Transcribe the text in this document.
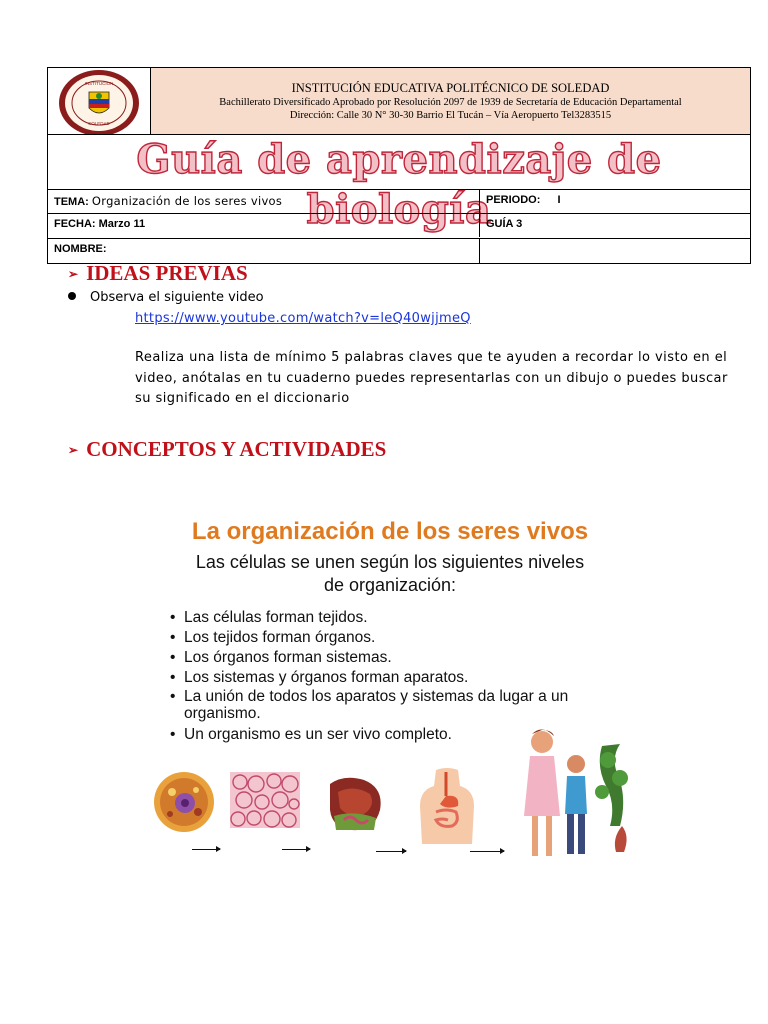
INSTITUCION
SOLEDAD
INSTITUCIÓN EDUCATIVA POLITÉCNICO DE SOLEDAD
Bachillerato Diversificado Aprobado por Resolución 2097 de 1939 de Secretaría de Educación Departamental
Dirección: Calle 30 N° 30-30 Barrio El Tucán – Vía Aeropuerto Tel3283515
Guía de aprendizaje de biología
TEMA: Organización de los seres vivos	PERIODO: I
FECHA: Marzo 11	GUÍA 3
NOMBRE:
➢ IDEAS PREVIAS
Observa el siguiente video
https://www.youtube.com/watch?v=leQ40wjjmeQ
Realiza una lista de mínimo 5 palabras claves que te ayuden a recordar lo visto en el video, anótalas en tu cuaderno puedes representarlas con un dibujo o puedes buscar su significado en el diccionario
➢ CONCEPTOS Y ACTIVIDADES
La organización de los seres vivos
Las células se unen según los siguientes niveles
de organización:
• Las células forman tejidos.
• Los tejidos forman órganos.
• Los órganos forman sistemas.
• Los sistemas y órganos forman aparatos.
• La unión de todos los aparatos y sistemas da lugar a un organismo.
• Un organismo es un ser vivo completo.
